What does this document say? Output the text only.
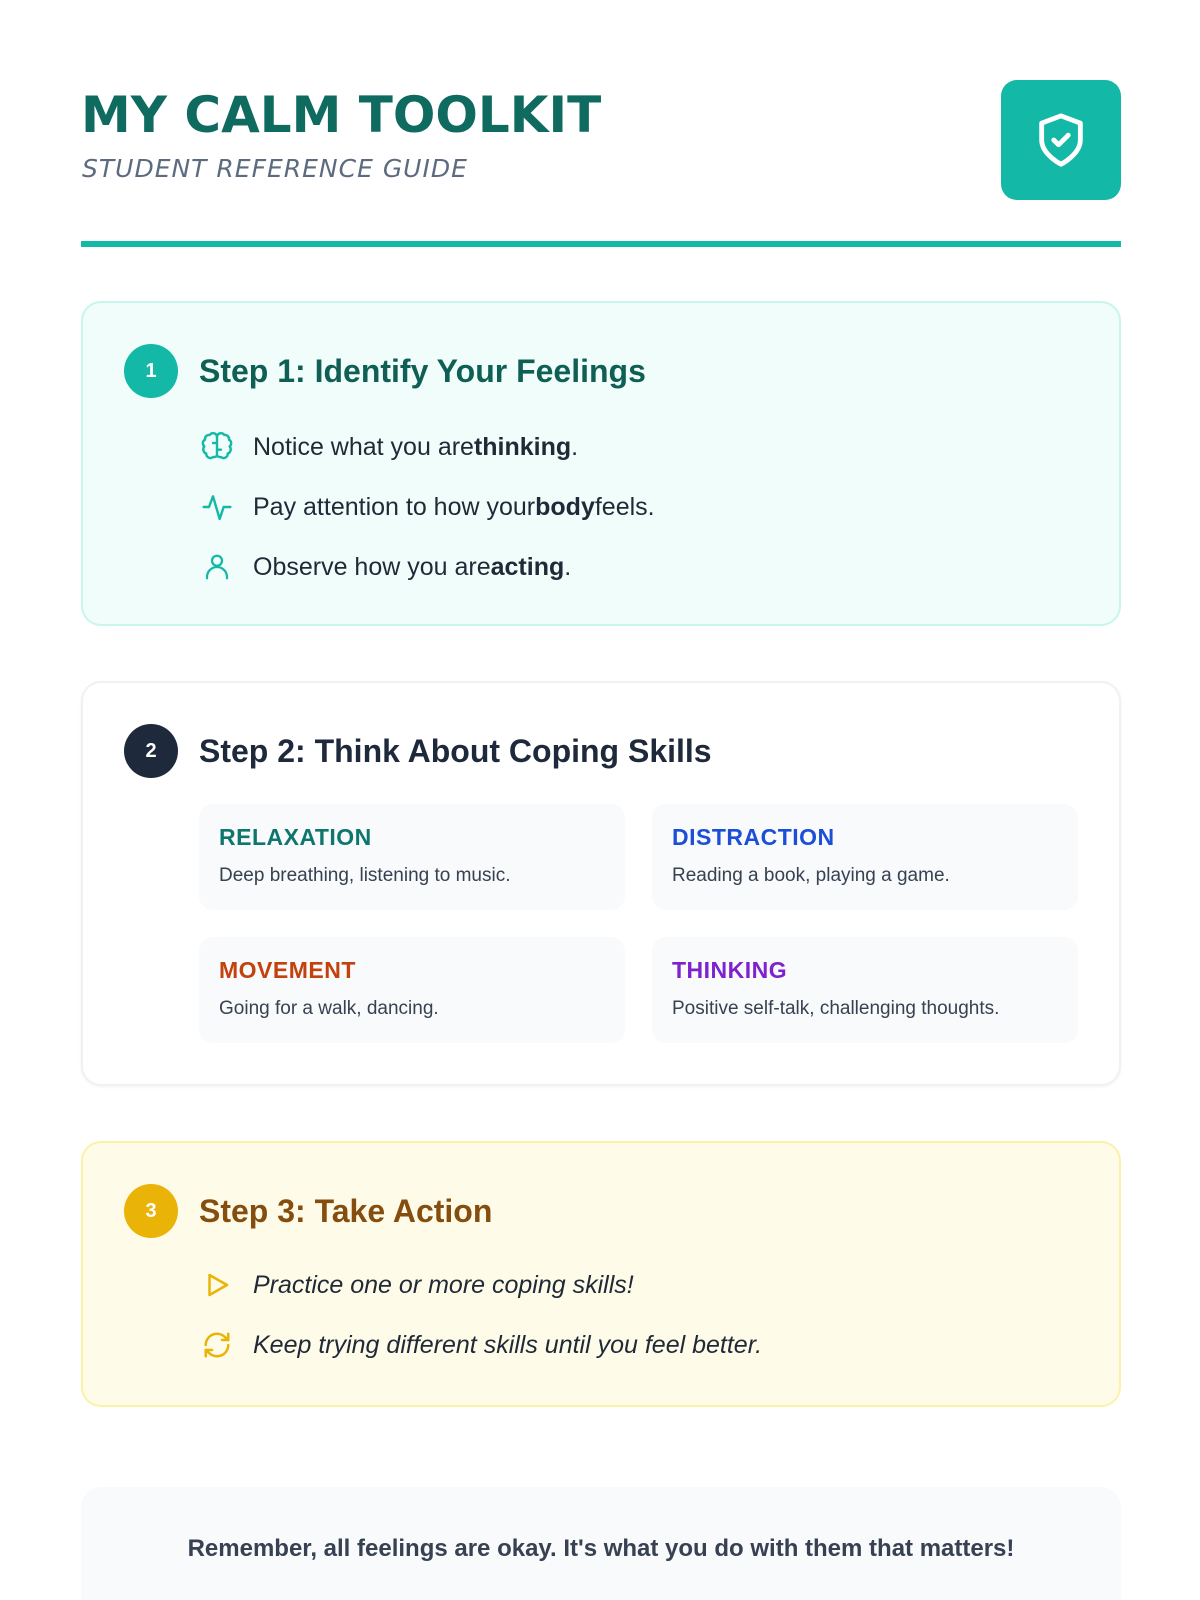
MY CALM TOOLKIT
STUDENT REFERENCE GUIDE
1	Step 1: Identify Your Feelings
Notice what you arethinking.
Pay attention to how yourbodyfeels.
Observe how you areacting.
2	Step 2: Think About Coping Skills
RELAXATION
Deep breathing, listening to music.
DISTRACTION
Reading a book, playing a game.
MOVEMENT
Going for a walk, dancing.
THINKING
Positive self-talk, challenging thoughts.
3	Step 3: Take Action
Practice one or more coping skills!
Keep trying different skills until you feel better.
Remember, all feelings are okay. It's what you do with them that matters!
